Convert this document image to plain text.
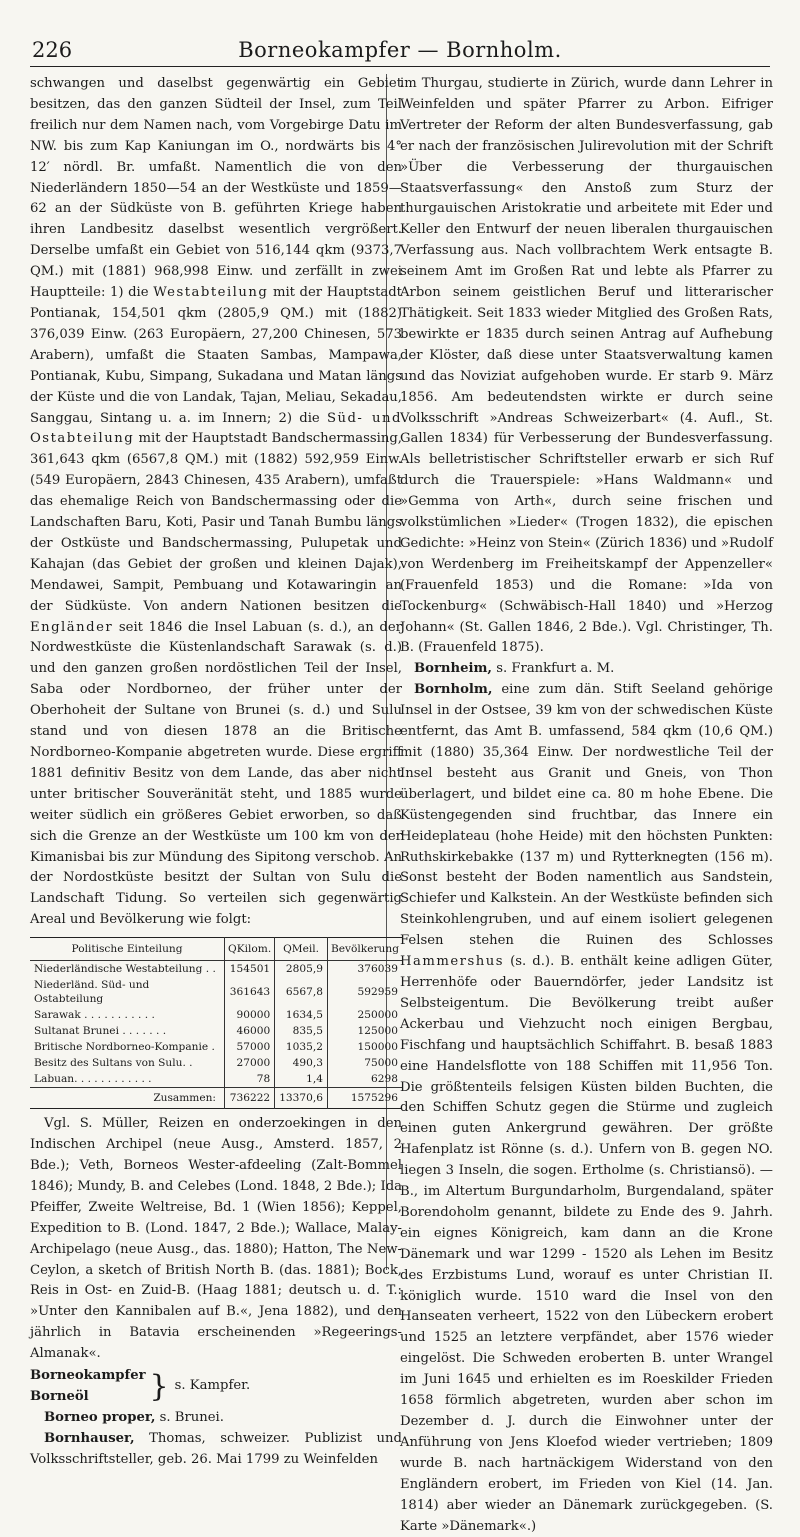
226	Borneokampfer — Bornholm.

schwangen und daselbst gegenwärtig ein Gebiet besitzen, das den ganzen Südteil der Insel, zum Teil freilich nur dem Namen nach, vom Vorgebirge Datu im NW. bis zum Kap Kaniungan im O., nordwärts bis 4° 12′ nördl. Br. umfaßt. Namentlich die von den Niederländern 1850—54 an der Westküste und 1859—62 an der Südküste von B. geführten Kriege haben ihren Landbesitz daselbst wesentlich vergrößert. Derselbe umfaßt ein Gebiet von 516,144 qkm (9373,7 QM.) mit (1881) 968,998 Einw. und zerfällt in zwei Hauptteile: 1) die Westabteilung mit der Hauptstadt Pontianak, 154,501 qkm (2805,9 QM.) mit (1882) 376,039 Einw. (263 Europäern, 27,200 Chinesen, 573 Arabern), umfaßt die Staaten Sambas, Mampawa, Pontianak, Kubu, Simpang, Sukadana und Matan längs der Küste und die von Landak, Tajan, Meliau, Sekadau, Sanggau, Sintang u. a. im Innern; 2) die Süd- und Ostabteilung mit der Hauptstadt Bandschermassing, 361,643 qkm (6567,8 QM.) mit (1882) 592,959 Einw. (549 Europäern, 2843 Chinesen, 435 Arabern), umfaßt das ehemalige Reich von Bandschermassing oder die Landschaften Baru, Koti, Pasir und Tanah Bumbu längs der Ostküste und Bandschermassing, Pulupetak und Kahajan (das Gebiet der großen und kleinen Dajak), Mendawei, Sampit, Pembuang und Kotawaringin an der Südküste. Von andern Nationen besitzen die Engländer seit 1846 die Insel Labuan (s. d.), an der Nordwestküste die Küstenlandschaft Sarawak (s. d.) und den ganzen großen nordöstlichen Teil der Insel, Saba oder Nordborneo, der früher unter der Oberhoheit der Sultane von Brunei (s. d.) und Sulu stand und von diesen 1878 an die Britische Nordborneo-Kompanie abgetreten wurde. Diese ergriff 1881 definitiv Besitz von dem Lande, das aber nicht unter britischer Souveränität steht, und 1885 wurde weiter südlich ein größeres Gebiet erworben, so daß sich die Grenze an der Westküste um 100 km von der Kimanisbai bis zur Mündung des Sipitong verschob. An der Nordostküste besitzt der Sultan von Sulu die Landschaft Tidung. So verteilen sich gegenwärtig Areal und Bevölkerung wie folgt:

Politische Einteilung	QKilom.	QMeil.	Bevölkerung
Niederländische Westabteilung . .	154501	2805,9	376039
Niederländ. Süd- und Ostabteilung	361643	6567,8	592959
Sarawak . . . . . . . . . . .	90000	1634,5	250000
Sultanat Brunei . . . . . . .	46000	835,5	125000
Britische Nordborneo-Kompanie .	57000	1035,2	150000
Besitz des Sultans von Sulu. .	27000	490,3	75000
Labuan. . . . . . . . . . . .	78	1,4	6298
Zusammen:	736222	13370,6	1575296

Vgl. S. Müller, Reizen en onderzoekingen in den Indischen Archipel (neue Ausg., Amsterd. 1857, 2 Bde.); Veth, Borneos Wester-afdeeling (Zalt-Bommel 1846); Mundy, B. and Celebes (Lond. 1848, 2 Bde.); Ida Pfeiffer, Zweite Weltreise, Bd. 1 (Wien 1856); Keppel, Expedition to B. (Lond. 1847, 2 Bde.); Wallace, Malay-Archipelago (neue Ausg., das. 1880); Hatton, The New-Ceylon, a sketch of British North B. (das. 1881); Bock, Reis in Ost- en Zuid-B. (Haag 1881; deutsch u. d. T.: »Unter den Kannibalen auf B.«, Jena 1882), und den jährlich in Batavia erscheinenden »Regeerings-Almanak«.

Borneokampfer
Borneöl	} s. Kampfer.

Borneo proper, s. Brunei.

Bornhauser, Thomas, schweizer. Publizist und Volksschriftsteller, geb. 26. Mai 1799 zu Weinfelden

im Thurgau, studierte in Zürich, wurde dann Lehrer in Weinfelden und später Pfarrer zu Arbon. Eifriger Vertreter der Reform der alten Bundesverfassung, gab er nach der französischen Julirevolution mit der Schrift »Über die Verbesserung der thurgauischen Staatsverfassung« den Anstoß zum Sturz der thurgauischen Aristokratie und arbeitete mit Eder und Keller den Entwurf der neuen liberalen thurgauischen Verfassung aus. Nach vollbrachtem Werk entsagte B. seinem Amt im Großen Rat und lebte als Pfarrer zu Arbon seinem geistlichen Beruf und litterarischer Thätigkeit. Seit 1833 wieder Mitglied des Großen Rats, bewirkte er 1835 durch seinen Antrag auf Aufhebung der Klöster, daß diese unter Staatsverwaltung kamen und das Noviziat aufgehoben wurde. Er starb 9. März 1856. Am bedeutendsten wirkte er durch seine Volksschrift »Andreas Schweizerbart« (4. Aufl., St. Gallen 1834) für Verbesserung der Bundesverfassung. Als belletristischer Schriftsteller erwarb er sich Ruf durch die Trauerspiele: »Hans Waldmann« und »Gemma von Arth«, durch seine frischen und volkstümlichen »Lieder« (Trogen 1832), die epischen Gedichte: »Heinz von Stein« (Zürich 1836) und »Rudolf von Werdenberg im Freiheitskampf der Appenzeller« (Frauenfeld 1853) und die Romane: »Ida von Tockenburg« (Schwäbisch-Hall 1840) und »Herzog Johann« (St. Gallen 1846, 2 Bde.). Vgl. Christinger, Th. B. (Frauenfeld 1875).

Bornheim, s. Frankfurt a. M.

Bornholm, eine zum dän. Stift Seeland gehörige Insel in der Ostsee, 39 km von der schwedischen Küste entfernt, das Amt B. umfassend, 584 qkm (10,6 QM.) mit (1880) 35,364 Einw. Der nordwestliche Teil der Insel besteht aus Granit und Gneis, von Thon überlagert, und bildet eine ca. 80 m hohe Ebene. Die Küstengegenden sind fruchtbar, das Innere ein Heideplateau (hohe Heide) mit den höchsten Punkten: Ruthskirkebakke (137 m) und Rytterknegten (156 m). Sonst besteht der Boden namentlich aus Sandstein, Schiefer und Kalkstein. An der Westküste befinden sich Steinkohlengruben, und auf einem isoliert gelegenen Felsen stehen die Ruinen des Schlosses Hammershus (s. d.). B. enthält keine adligen Güter, Herrenhöfe oder Bauerndörfer, jeder Landsitz ist Selbsteigentum. Die Bevölkerung treibt außer Ackerbau und Viehzucht noch einigen Bergbau, Fischfang und hauptsächlich Schiffahrt. B. besaß 1883 eine Handelsflotte von 188 Schiffen mit 11,956 Ton. Die größtenteils felsigen Küsten bilden Buchten, die den Schiffen Schutz gegen die Stürme und zugleich einen guten Ankergrund gewähren. Der größte Hafenplatz ist Rönne (s. d.). Unfern von B. gegen NO. liegen 3 Inseln, die sogen. Ertholme (s. Christiansö). — B., im Altertum Burgundarholm, Burgendaland, später Borendoholm genannt, bildete zu Ende des 9. Jahrh. ein eignes Königreich, kam dann an die Krone Dänemark und war 1299 - 1520 als Lehen im Besitz des Erzbistums Lund, worauf es unter Christian II. königlich wurde. 1510 ward die Insel von den Hanseaten verheert, 1522 von den Lübeckern erobert und 1525 an letztere verpfändet, aber 1576 wieder eingelöst. Die Schweden eroberten B. unter Wrangel im Juni 1645 und erhielten es im Roeskilder Frieden 1658 förmlich abgetreten, wurden aber schon im Dezember d. J. durch die Einwohner unter der Anführung von Jens Kloefod wieder vertrieben; 1809 wurde B. nach hartnäckigem Widerstand von den Engländern erobert, im Frieden von Kiel (14. Jan. 1814) aber wieder an Dänemark zurückgegeben. (S. Karte »Dänemark«.)
